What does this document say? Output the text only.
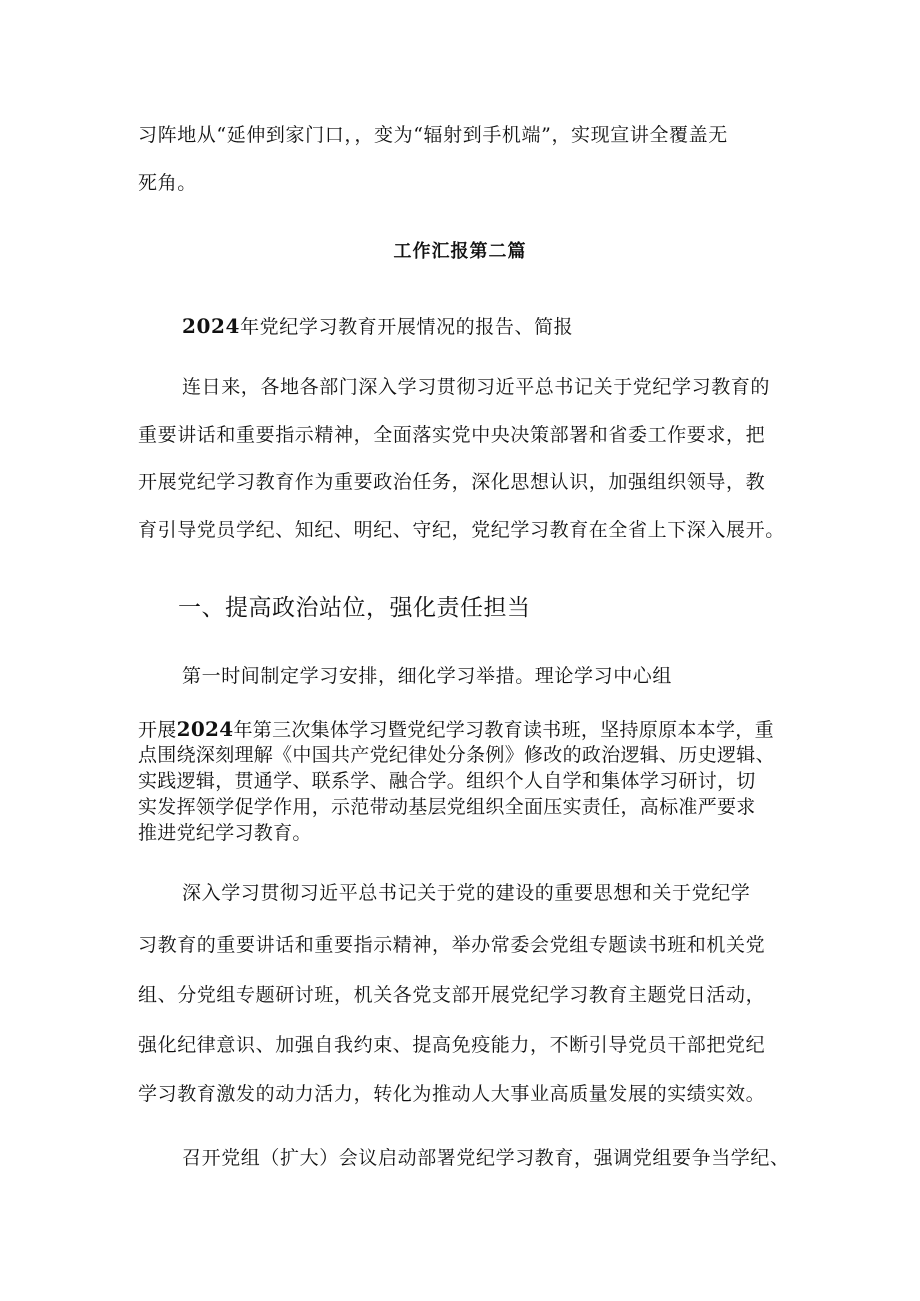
习阵地从“延伸到家门口，，变为“辐射到手机端”，实现宣讲全覆盖无
死角。
工作汇报第二篇
2024年党纪学习教育开展情况的报告、简报
连日来，各地各部门深入学习贯彻习近平总书记关于党纪学习教育的
重要讲话和重要指示精神，全面落实党中央决策部署和省委工作要求，把
开展党纪学习教育作为重要政治任务，深化思想认识，加强组织领导，教
育引导党员学纪、知纪、明纪、守纪，党纪学习教育在全省上下深入展开。
一、提高政治站位，强化责任担当
第一时间制定学习安排，细化学习举措。理论学习中心组
开展2024年第三次集体学习暨党纪学习教育读书班，坚持原原本本学，重
点围绕深刻理解《中国共产党纪律处分条例》修改的政治逻辑、历史逻辑、
实践逻辑，贯通学、联系学、融合学。组织个人自学和集体学习研讨，切
实发挥领学促学作用，示范带动基层党组织全面压实责任，高标准严要求
推进党纪学习教育。
深入学习贯彻习近平总书记关于党的建设的重要思想和关于党纪学
习教育的重要讲话和重要指示精神，举办常委会党组专题读书班和机关党
组、分党组专题研讨班，机关各党支部开展党纪学习教育主题党日活动，
强化纪律意识、加强自我约束、提高免疫能力，不断引导党员干部把党纪
学习教育激发的动力活力，转化为推动人大事业高质量发展的实绩实效。
召开党组（扩大）会议启动部署党纪学习教育，强调党组要争当学纪、
